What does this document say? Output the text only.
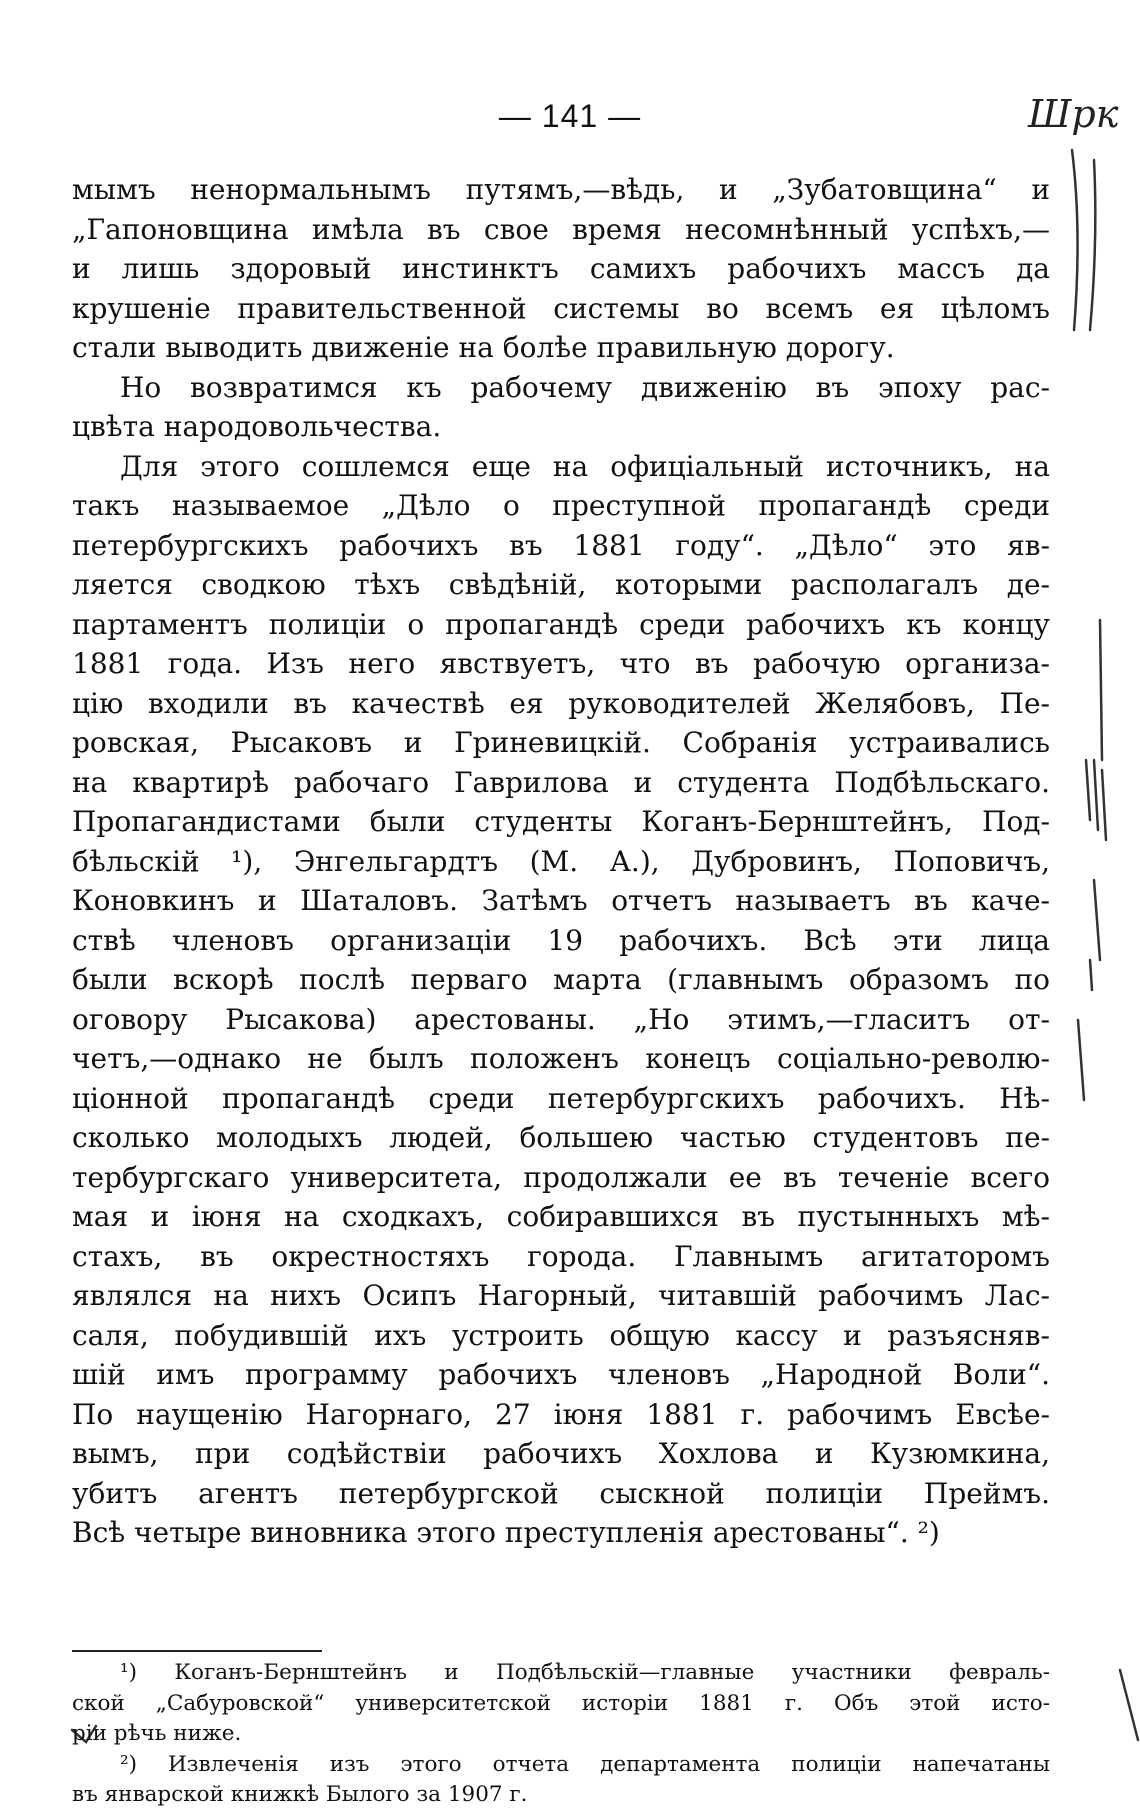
— 141 —	Шрк
мымъ ненормальнымъ путямъ,—вѣдь, и „Зубатовщина“ и
„Гапоновщина имѣла въ свое время несомнѣнный успѣхъ,—
и лишь здоровый инстинктъ самихъ рабочихъ массъ да
крушеніе правительственной системы во всемъ ея цѣломъ
стали выводить движеніе на болѣе правильную дорогу.
Но возвратимся къ рабочему движенію въ эпоху рас-
цвѣта народовольчества.
Для этого сошлемся еще на офиціальный источникъ, на
такъ называемое „Дѣло о преступной пропагандѣ среди
петербургскихъ рабочихъ въ 1881 году“. „Дѣло“ это яв-
ляется сводкою тѣхъ свѣдѣній, которыми располагалъ де-
партаментъ полиціи о пропагандѣ среди рабочихъ къ концу
1881 года. Изъ него явствуетъ, что въ рабочую организа-
цію входили въ качествѣ ея руководителей Желябовъ, Пе-
ровская, Рысаковъ и Гриневицкій. Собранія устраивались
на квартирѣ рабочаго Гаврилова и студента Подбѣльскаго.
Пропагандистами были студенты Коганъ-Бернштейнъ, Под-
бѣльскій ¹), Энгельгардтъ (М. А.), Дубровинъ, Поповичъ,
Коновкинъ и Шаталовъ. Затѣмъ отчетъ называетъ въ каче-
ствѣ членовъ организаціи 19 рабочихъ. Всѣ эти лица
были вскорѣ послѣ перваго марта (главнымъ образомъ по
оговору Рысакова) арестованы. „Но этимъ,—гласитъ от-
четъ,—однако не былъ положенъ конецъ соціально-револю-
ціонной пропагандѣ среди петербургскихъ рабочихъ. Нѣ-
сколько молодыхъ людей, большею частью студентовъ пе-
тербургскаго университета, продолжали ее въ теченіе всего
мая и іюня на сходкахъ, собиравшихся въ пустынныхъ мѣ-
стахъ, въ окрестностяхъ города. Главнымъ агитаторомъ
являлся на нихъ Осипъ Нагорный, читавшій рабочимъ Лас-
саля, побудившій ихъ устроить общую кассу и разъясняв-
шій имъ программу рабочихъ членовъ „Народной Воли“.
По наущенію Нагорнаго, 27 іюня 1881 г. рабочимъ Евсѣе-
вымъ, при содѣйствіи рабочихъ Хохлова и Кузюмкина,
убитъ агентъ петербургской сыскной полиціи Преймъ.
Всѣ четыре виновника этого преступленія арестованы“. ²)
¹) Коганъ-Бернштейнъ и Подбѣльскій—главные участники февраль-
ской „Сабуровской“ университетской исторіи 1881 г. Объ этой исто-
ріи рѣчь ниже.
²) Извлеченія изъ этого отчета департамента полиціи напечатаны
въ январской книжкѣ Былого за 1907 г.
